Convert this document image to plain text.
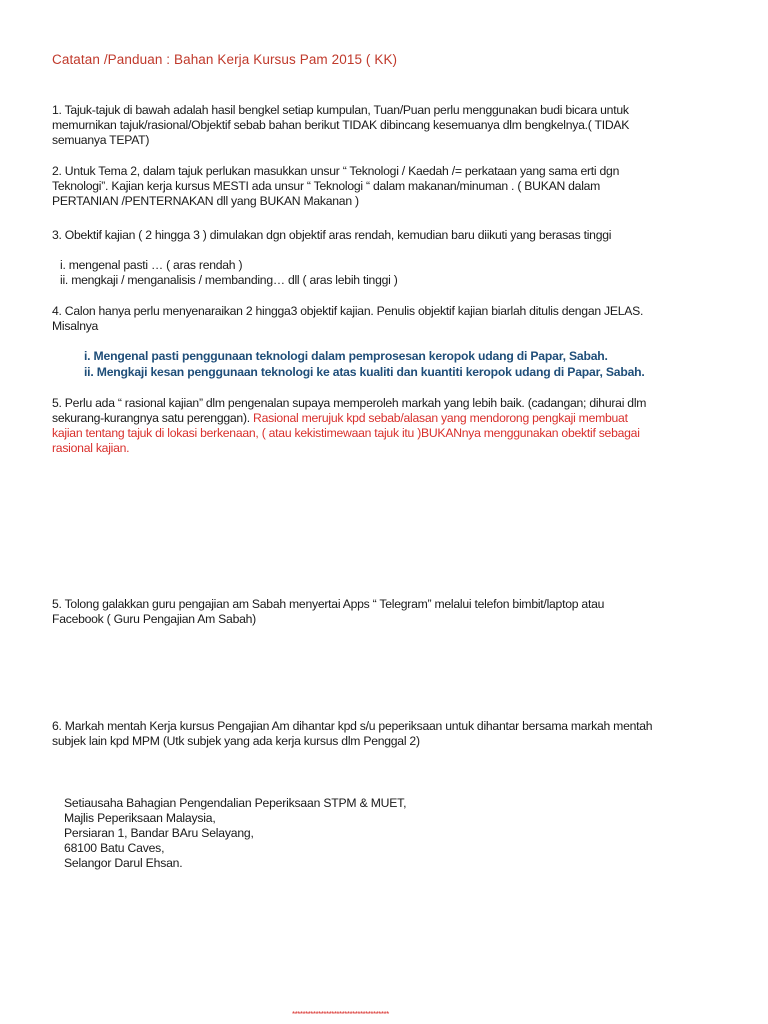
Catatan /Panduan : Bahan Kerja Kursus Pam 2015 ( KK)

1. Tajuk-tajuk di bawah adalah hasil bengkel setiap kumpulan, Tuan/Puan perlu menggunakan budi bicara untuk

memurnikan tajuk/rasional/Objektif sebab bahan berikut TIDAK dibincang kesemuanya dlm bengkelnya.( TIDAK

semuanya TEPAT)

2. Untuk Tema 2, dalam tajuk perlukan masukkan unsur “ Teknologi / Kaedah /= perkataan yang sama erti dgn

Teknologi”. Kajian kerja kursus MESTI ada unsur “ Teknologi “ dalam makanan/minuman . ( BUKAN dalam

PERTANIAN /PENTERNAKAN dll yang BUKAN Makanan )

3. Obektif kajian ( 2 hingga 3 ) dimulakan dgn objektif aras rendah, kemudian baru diikuti yang berasas tinggi

i. mengenal pasti … ( aras rendah )
ii. mengkaji / menganalisis / membanding… dll ( aras lebih tinggi )

4. Calon hanya perlu menyenaraikan 2 hingga3 objektif kajian. Penulis objektif kajian biarlah ditulis dengan JELAS.

Misalnya

i. Mengenal pasti penggunaan teknologi dalam pemprosesan keropok udang di Papar, Sabah.
ii. Mengkaji kesan penggunaan teknologi ke atas kualiti dan kuantiti keropok udang di Papar, Sabah.

5. Perlu ada “ rasional kajian” dlm pengenalan supaya memperoleh markah yang lebih baik. (cadangan; dihurai dlm

sekurang-kurangnya satu perenggan). Rasional merujuk kpd sebab/alasan yang mendorong pengkaji membuat

kajian tentang tajuk di lokasi berkenaan, ( atau kekistimewaan tajuk itu )BUKANnya menggunakan obektif sebagai

rasional kajian.

5. Tolong galakkan guru pengajian am Sabah menyertai Apps “ Telegram” melalui telefon bimbit/laptop atau

Facebook ( Guru Pengajian Am Sabah)

6. Markah mentah Kerja kursus Pengajian Am dihantar kpd s/u peperiksaan untuk dihantar bersama markah mentah

subjek lain kpd MPM (Utk subjek yang ada kerja kursus dlm Penggal 2)

Setiausaha Bahagian Pengendalian Peperiksaan STPM & MUET,
Majlis Peperiksaan Malaysia,
Persiaran 1, Bandar BAru Selayang,
68100 Batu Caves,
Selangor Darul Ehsan.
*************************************
